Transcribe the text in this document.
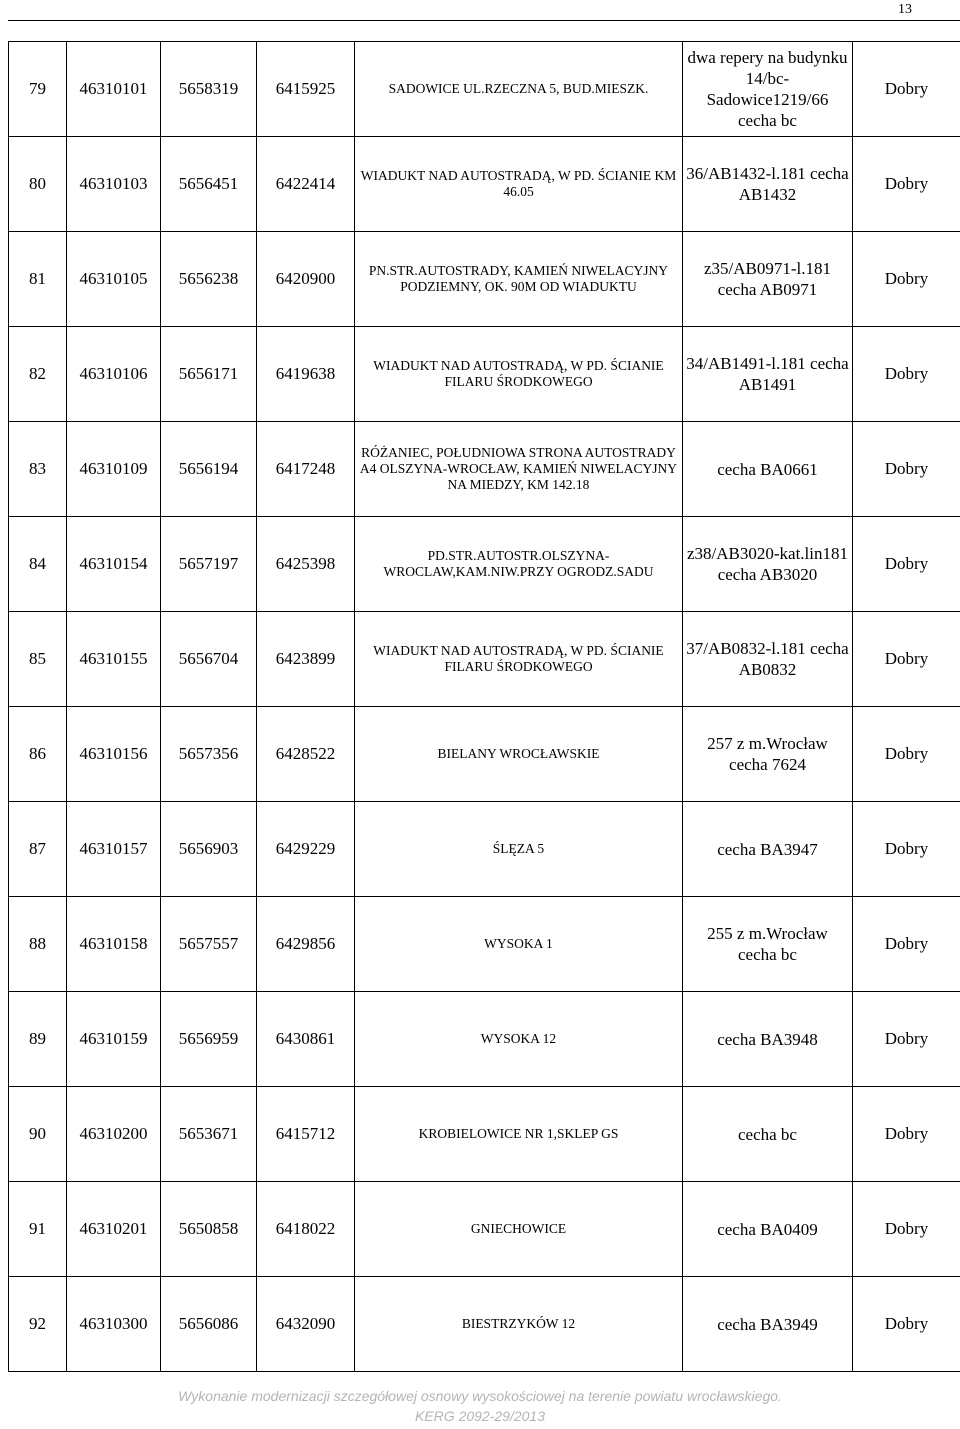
13
79	46310101	5658319	6415925	SADOWICE UL.RZECZNA 5, BUD.MIESZK.	dwa repery na budynku 14/bc-Sadowice1219/66 cecha bc	Dobry
80	46310103	5656451	6422414	WIADUKT NAD AUTOSTRADĄ, W PD. ŚCIANIE KM 46.05	36/AB1432-l.181 cecha AB1432	Dobry
81	46310105	5656238	6420900	PN.STR.AUTOSTRADY, KAMIEŃ NIWELACYJNY PODZIEMNY, OK. 90M OD WIADUKTU	z35/AB0971-l.181 cecha AB0971	Dobry
82	46310106	5656171	6419638	WIADUKT NAD AUTOSTRADĄ, W PD. ŚCIANIE FILARU ŚRODKOWEGO	34/AB1491-l.181 cecha AB1491	Dobry
83	46310109	5656194	6417248	RÓŻANIEC, POŁUDNIOWA STRONA AUTOSTRADY A4 OLSZYNA-WROCŁAW, KAMIEŃ NIWELACYJNY NA MIEDZY, KM 142.18	cecha BA0661	Dobry
84	46310154	5657197	6425398	PD.STR.AUTOSTR.OLSZYNA-WROCLAW,KAM.NIW.PRZY OGRODZ.SADU	z38/AB3020-kat.lin181 cecha AB3020	Dobry
85	46310155	5656704	6423899	WIADUKT NAD AUTOSTRADĄ, W PD. ŚCIANIE FILARU ŚRODKOWEGO	37/AB0832-l.181 cecha AB0832	Dobry
86	46310156	5657356	6428522	BIELANY WROCŁAWSKIE	257 z m.Wrocław cecha 7624	Dobry
87	46310157	5656903	6429229	ŚLĘZA 5	cecha BA3947	Dobry
88	46310158	5657557	6429856	WYSOKA 1	255 z m.Wrocław cecha bc	Dobry
89	46310159	5656959	6430861	WYSOKA 12	cecha BA3948	Dobry
90	46310200	5653671	6415712	KROBIELOWICE NR 1,SKLEP GS	cecha bc	Dobry
91	46310201	5650858	6418022	GNIECHOWICE	cecha BA0409	Dobry
92	46310300	5656086	6432090	BIESTRZYKÓW 12	cecha BA3949	Dobry
Wykonanie modernizacji szczegółowej osnowy wysokościowej na terenie powiatu wrocławskiego.
KERG 2092-29/2013
